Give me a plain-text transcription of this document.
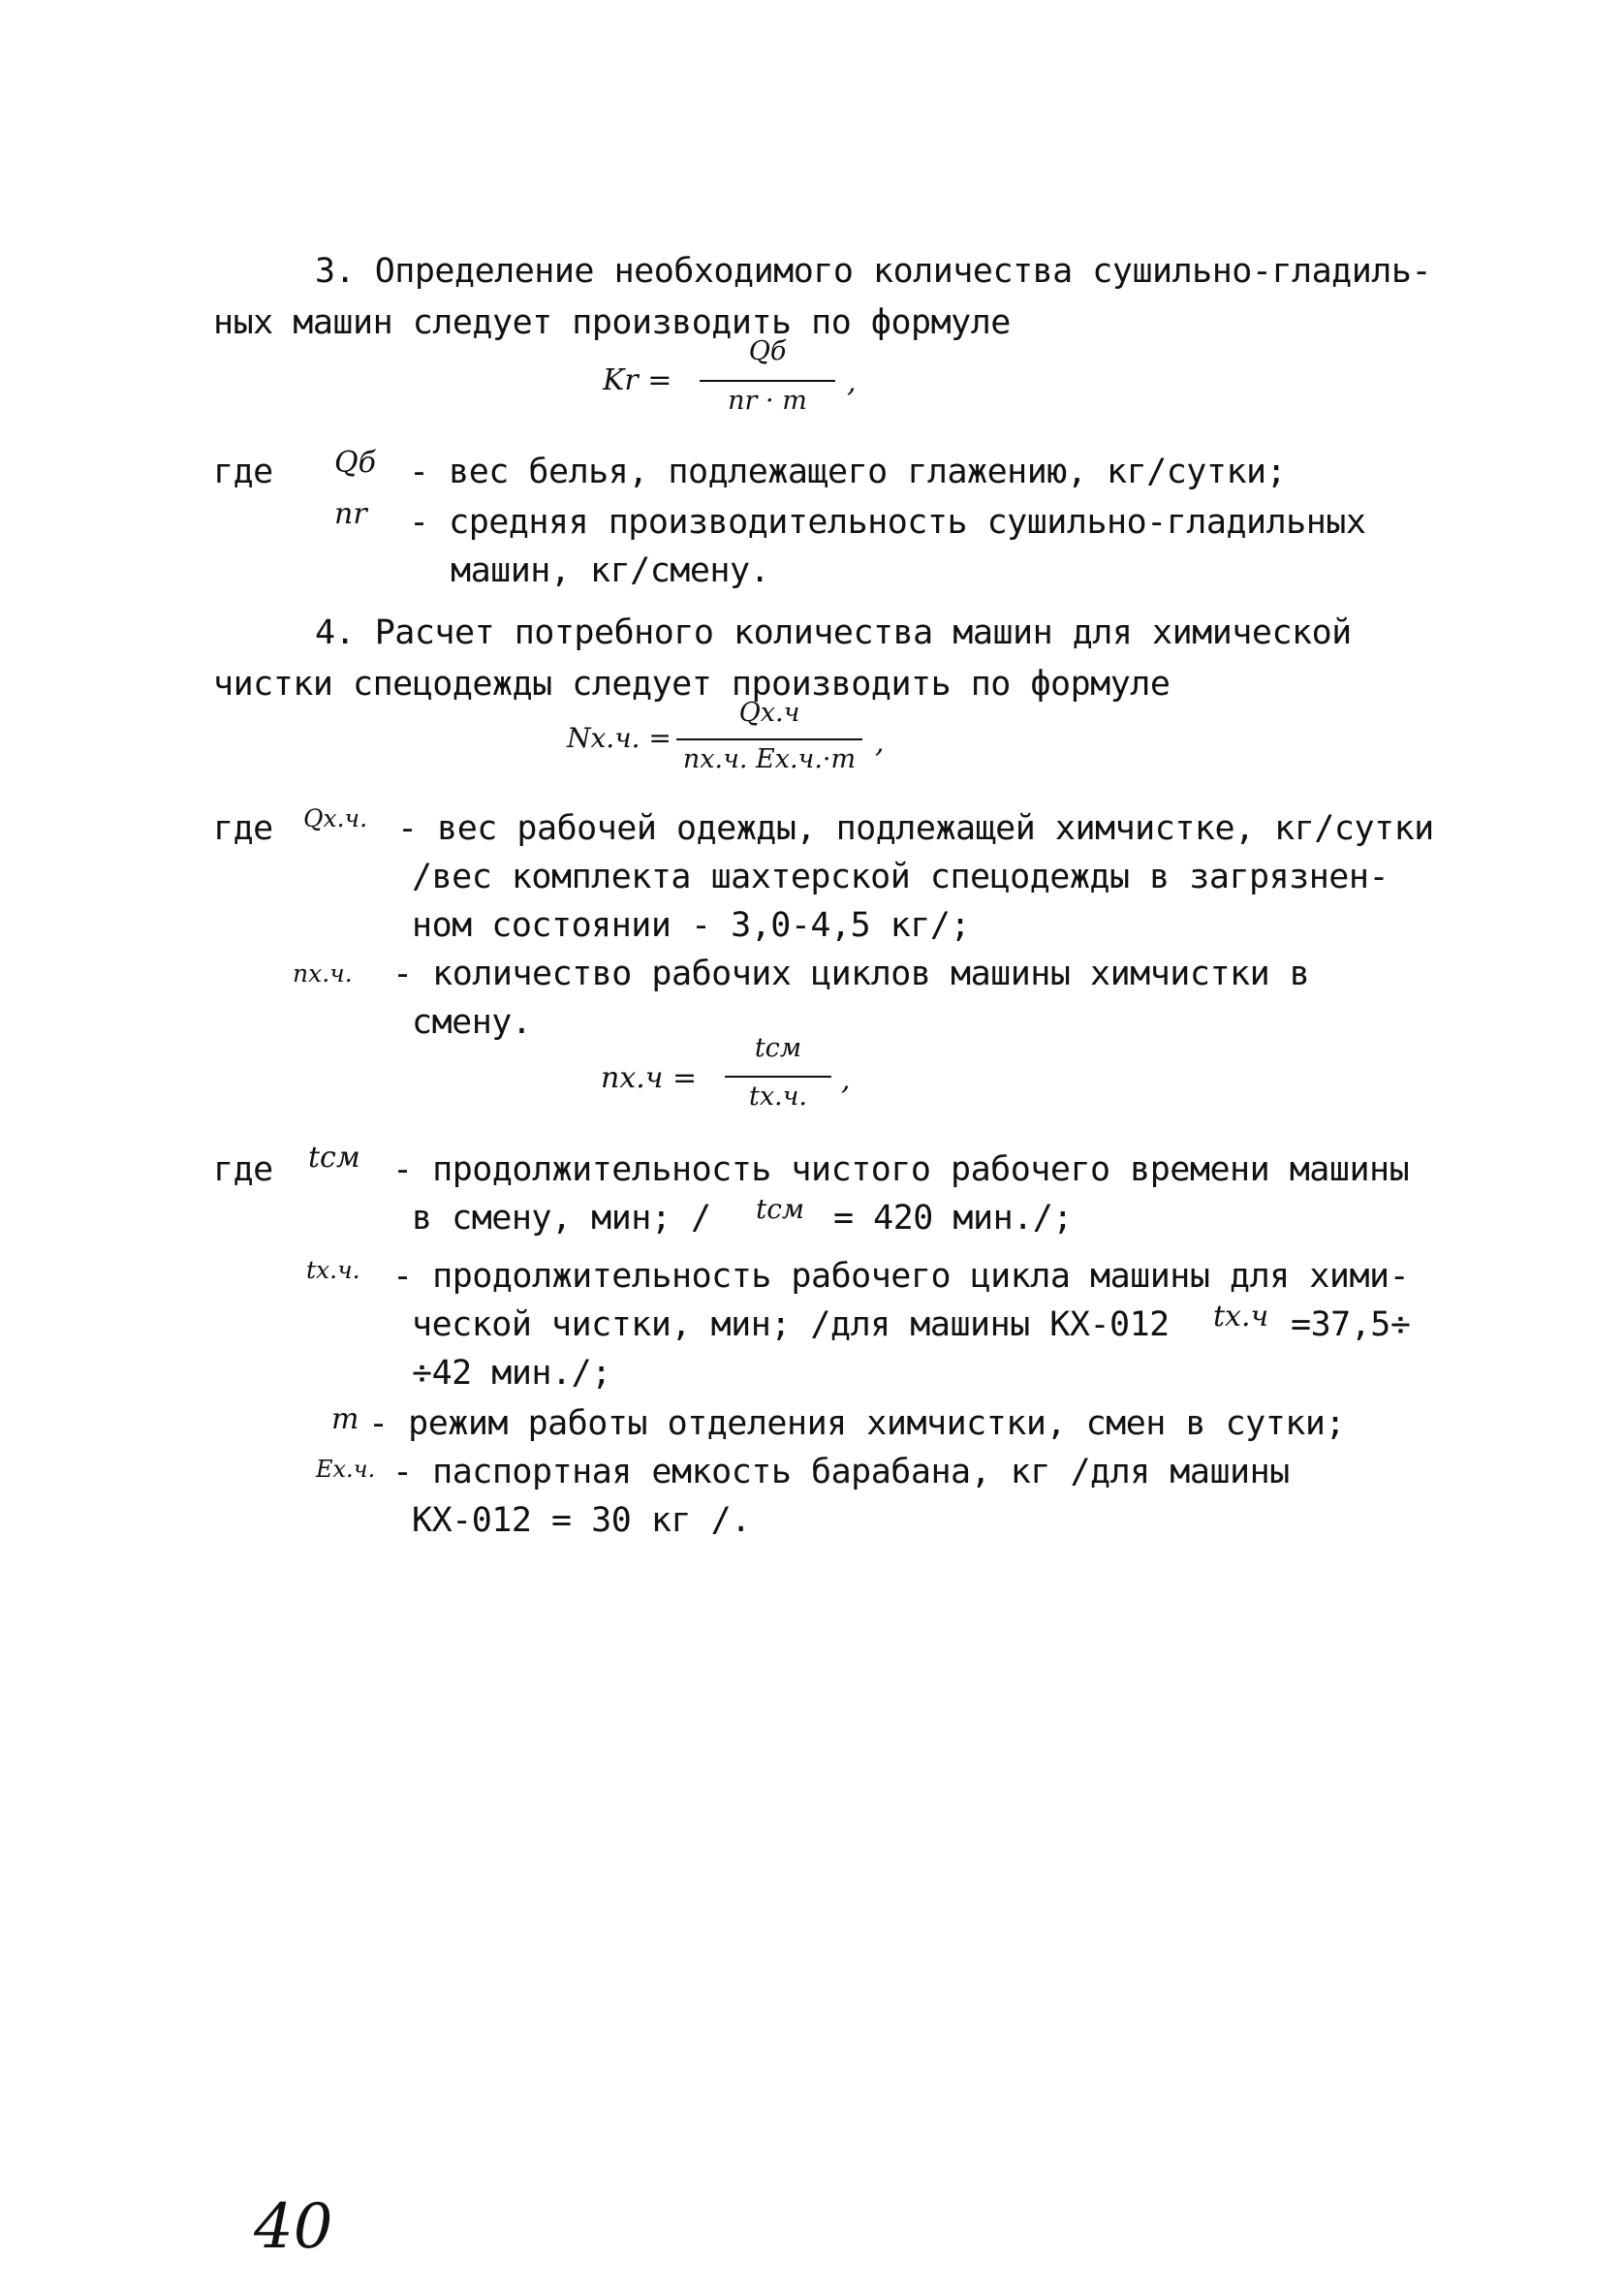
3. Определение необходимого количества сушильно-гладиль-
ных машин следует производить по формуле
Kr =
Qб
nr · m
,
где Qб - вес белья, подлежащего глажению, кг/сутки;
nr - средняя производительность сушильно-гладильных
машин, кг/смену.
4. Расчет потребного количества машин для химической
чистки спецодежды следует производить по формуле
Nх.ч. =
Qх.ч
nх.ч. Eх.ч.·m ,
где Qх.ч. - вес рабочей одежды, подлежащей химчистке, кг/сутки
/вес комплекта шахтерской спецодежды в загрязнен-
ном состоянии - 3,0-4,5 кг/;
nх.ч. - количество рабочих циклов машины химчистки в
смену.
nх.ч =
tсм
tх.ч.	,
где tсм - продолжительность чистого рабочего времени машины
в смену, мин; / tсм = 420 мин./;
tх.ч. - продолжительность рабочего цикла машины для хими-
ческой чистки, мин; /для машины КХ-012 tх.ч =37,5÷
÷42 мин./;
m - режим работы отделения химчистки, смен в сутки;
Eх.ч. - паспортная емкость барабана, кг /для машины
КХ-012 = 30 кг /.
40
